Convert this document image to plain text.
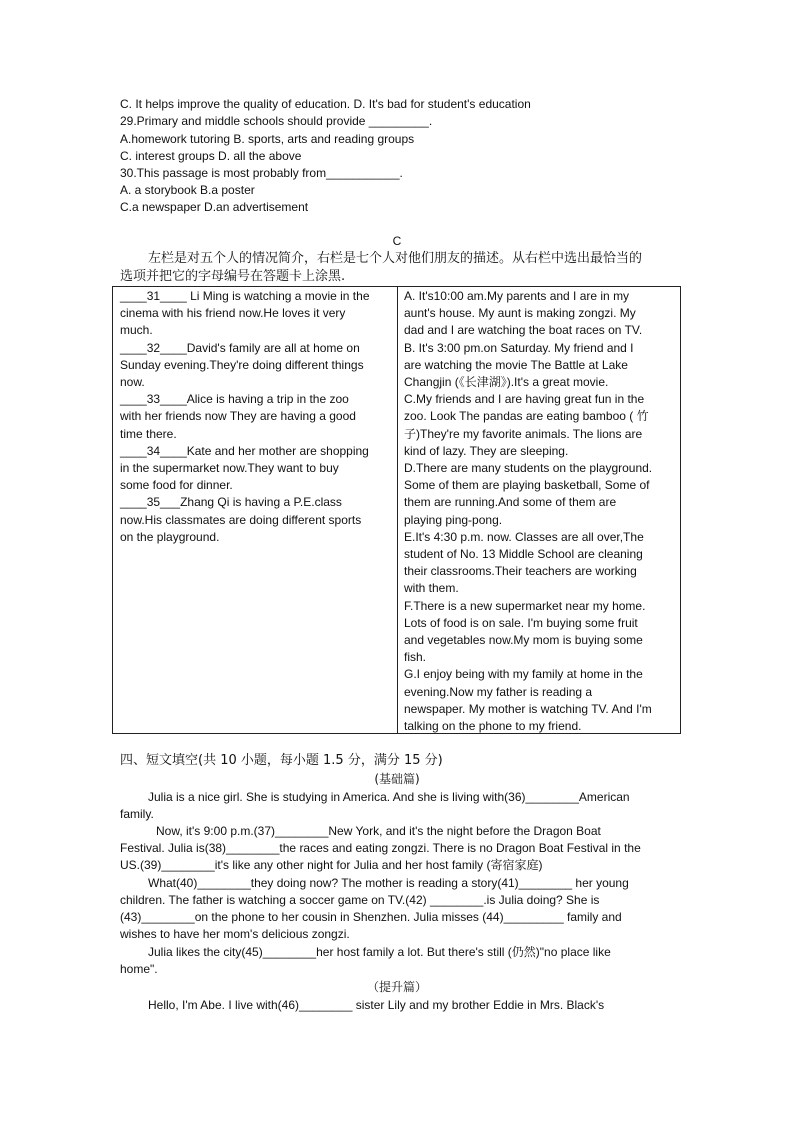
C. It helps improve the quality of education. D. It's bad for student's education
29.Primary and middle schools should provide _________.
A.homework tutoring B. sports, arts and reading groups
C. interest groups D. all the above
30.This passage is most probably from___________.
A. a storybook B.a poster
C.a newspaper D.an advertisement
C
左栏是对五个人的情况简介，右栏是七个人对他们朋友的描述。从右栏中选出最恰当的
选项并把它的字母编号在答题卡上涂黑.

____31____ Li Ming is watching a movie in the
cinema with his friend now.He loves it very
much.
____32____David's family are all at home on
Sunday evening.They're doing different things
now.
____33____Alice is having a trip in the zoo
with her friends now They are having a good
time there.
____34____Kate and her mother are shopping
in the supermarket now.They want to buy
some food for dinner.
____35___Zhang Qi is having a P.E.class
now.His classmates are doing different sports
on the playground.
A. It's10:00 am.My parents and I are in my
aunt's house. My aunt is making zongzi. My
dad and I are watching the boat races on TV.
B. It's 3:00 pm.on Saturday. My friend and I
are watching the movie The Battle at Lake
Changjin (《长津湖》).It's a great movie.
C.My friends and I are having great fun in the
zoo. Look The pandas are eating bamboo ( 竹
子)They're my favorite animals. The lions are
kind of lazy. They are sleeping.
D.There are many students on the playground.
Some of them are playing basketball, Some of
them are running.And some of them are
playing ping-pong.
E.It's 4:30 p.m. now. Classes are all over,The
student of No. 13 Middle School are cleaning
their classrooms.Their teachers are working
with them.
F.There is a new supermarket near my home.
Lots of food is on sale. I'm buying some fruit
and vegetables now.My mom is buying some
fish.
G.I enjoy being with my family at home in the
evening.Now my father is reading a
newspaper. My mother is watching TV. And I'm
talking on the phone to my friend.
四、短文填空(共 10 小题，每小题 1.5 分，满分 15 分)
(基础篇)
Julia is a nice girl. She is studying in America. And she is living with(36)________American
family.
Now, it's 9:00 p.m.(37)________New York, and it's the night before the Dragon Boat
Festival. Julia is(38)________the races and eating zongzi. There is no Dragon Boat Festival in the
US.(39)________it's like any other night for Julia and her host family (寄宿家庭)
What(40)________they doing now? The mother is reading a story(41)________ her young
children. The father is watching a soccer game on TV.(42) ________.is Julia doing? She is
(43)________on the phone to her cousin in Shenzhen. Julia misses (44)_________ family and
wishes to have her mom's delicious zongzi.
Julia likes the city(45)________her host family a lot. But there's still (仍然)"no place like
home".
（提升篇）
Hello, I'm Abe. I live with(46)________ sister Lily and my brother Eddie in Mrs. Black's
